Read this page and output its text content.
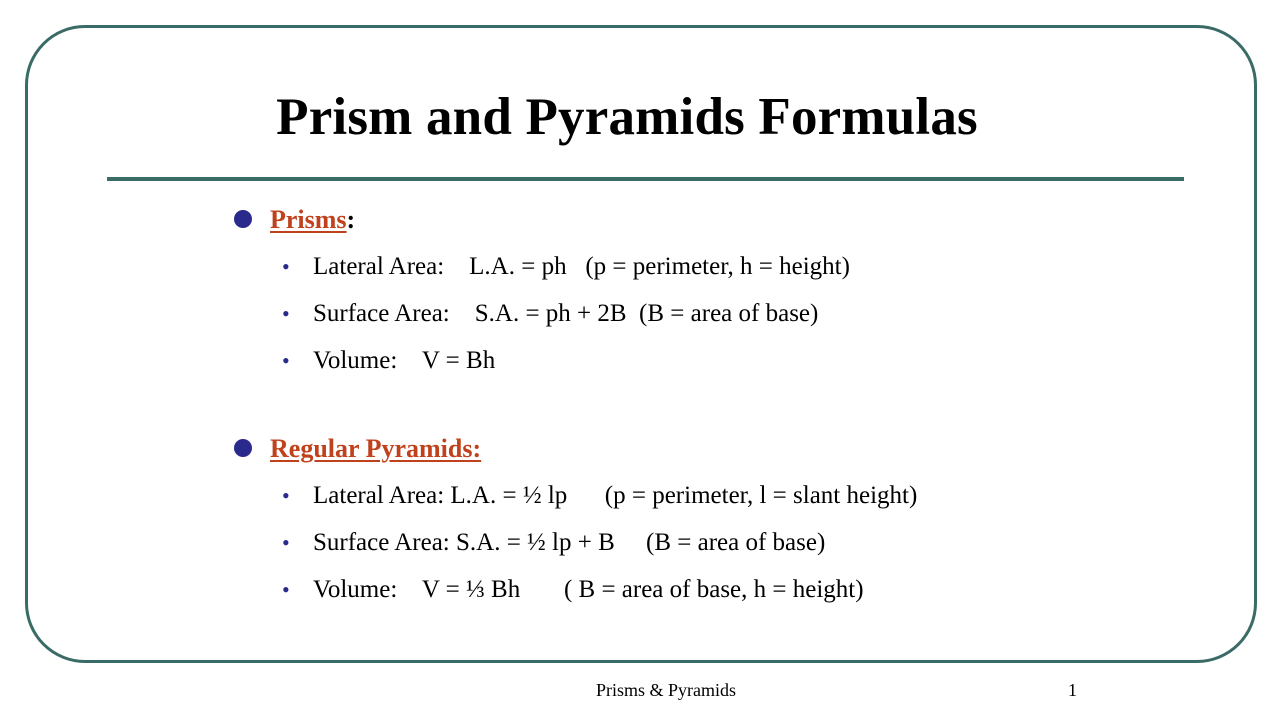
Prism and Pyramids Formulas
Prisms:

•

Lateral Area:    L.A. = ph   (p = perimeter, h = height)

•

Surface Area:    S.A. = ph + 2B  (B = area of base)

•

Volume:    V = Bh

Regular Pyramids:

•

Lateral Area: L.A. = ½ lp      (p = perimeter, l = slant height)

•

Surface Area: S.A. = ½ lp + B     (B = area of base)

•

Volume:    V = ⅓ Bh       ( B = area of base, h = height)

Prisms & Pyramids	1
